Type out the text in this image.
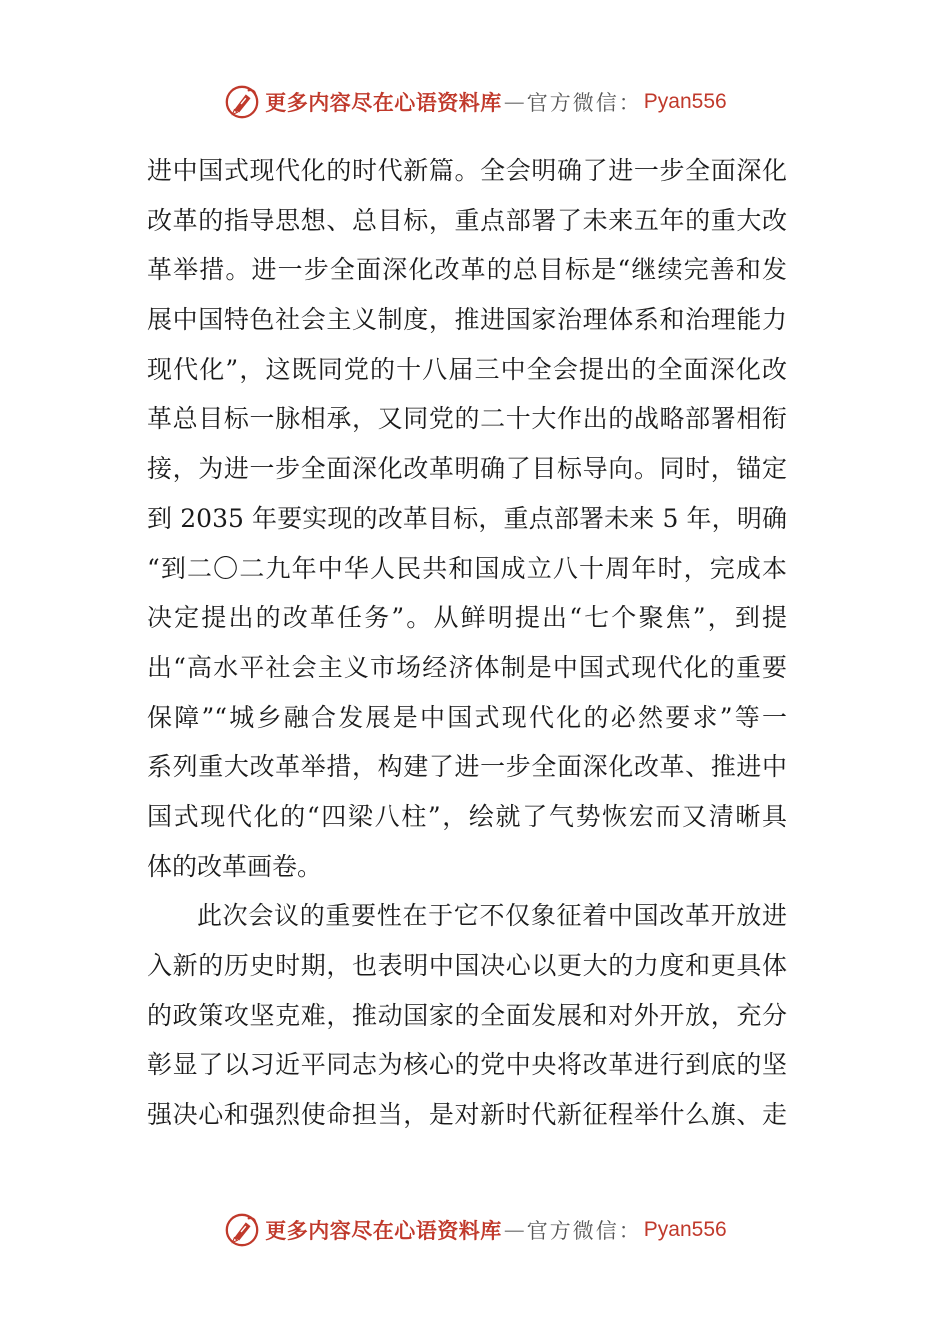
更多内容尽在心语资料库 — 官方微信： Pyan556
进中国式现代化的时代新篇。全会明确了进一步全面深化
改革的指导思想、总目标，重点部署了未来五年的重大改
革举措。进一步全面深化改革的总目标是“继续完善和发
展中国特色社会主义制度，推进国家治理体系和治理能力
现代化”，这既同党的十八届三中全会提出的全面深化改
革总目标一脉相承，又同党的二十大作出的战略部署相衔
接，为进一步全面深化改革明确了目标导向。同时，锚定
到 2035 年要实现的改革目标，重点部署未来 5 年，明确
“到二〇二九年中华人民共和国成立八十周年时，完成本
决定提出的改革任务”。从鲜明提出“七个聚焦”，到提
出“高水平社会主义市场经济体制是中国式现代化的重要
保障”“城乡融合发展是中国式现代化的必然要求”等一
系列重大改革举措，构建了进一步全面深化改革、推进中
国式现代化的“四梁八柱”，绘就了气势恢宏而又清晰具
体的改革画卷。
此次会议的重要性在于它不仅象征着中国改革开放进
入新的历史时期，也表明中国决心以更大的力度和更具体
的政策攻坚克难，推动国家的全面发展和对外开放，充分
彰显了以习近平同志为核心的党中央将改革进行到底的坚
强决心和强烈使命担当，是对新时代新征程举什么旗、走
更多内容尽在心语资料库 — 官方微信： Pyan556
